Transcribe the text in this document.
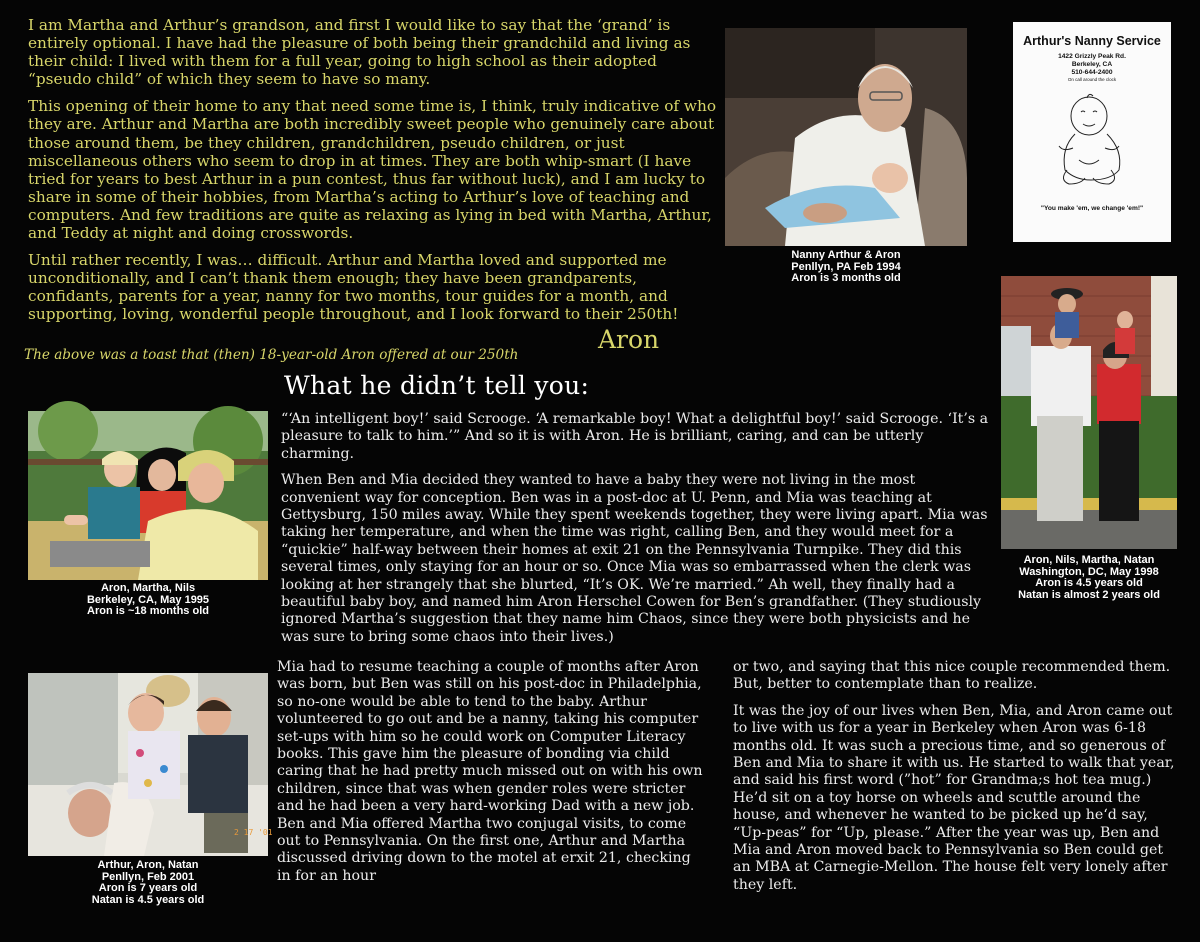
I am Martha and Arthur’s grandson, and first I would like to say that the ‘grand’ is entirely optional. I have had the pleasure of both being their grandchild and living as their child: I lived with them for a full year, going to high school as their adopted “pseudo child” of which they seem to have so many.

This opening of their home to any that need some time is, I think, truly indicative of who they are. Arthur and Martha are both incredibly sweet people who genuinely care about those around them, be they children, grandchildren, pseudo children, or just miscellaneous others who seem to drop in at times. They are both whip-smart (I have tried for years to best Arthur in a pun contest, thus far without luck), and I am lucky to share in some of their hobbies, from Martha’s acting to Arthur’s love of teaching and computers. And few traditions are quite as relaxing as lying in bed with Martha, Arthur, and Teddy at night and doing crosswords.

Until rather recently, I was… difficult. Arthur and Martha loved and supported me unconditionally, and I can’t thank them enough; they have been grandparents, confidants, parents for a year, nanny for two months, tour guides for a month, and supporting, loving, wonderful people throughout, and I look forward to their 250th!

Aron
The above was a toast that (then) 18-year-old Aron offered at our 250th
What he didn’t tell you:

“‘An intelligent boy!’ said Scrooge. ‘A remarkable boy! What a delightful boy!’ said Scrooge. ‘It’s a pleasure to talk to him.’” And so it is with Aron. He is brilliant, caring, and can be utterly charming.

When Ben and Mia decided they wanted to have a baby they were not living in the most convenient way for conception. Ben was in a post-doc at U. Penn, and Mia was teaching at Gettysburg, 150 miles away. While they spent weekends together, they were living apart. Mia was taking her temperature, and when the time was right, calling Ben, and they would meet for a “quickie” half-way between their homes at exit 21 on the Pennsylvania Turnpike. They did this several times, only staying for an hour or so. Once Mia was so embarrassed when the clerk was looking at her strangely that she blurted, “It’s OK. We’re married.” Ah well, they finally had a beautiful baby boy, and named him Aron Herschel Cowen for Ben’s grandfather. (They studiously ignored Martha’s suggestion that they name him Chaos, since they were both physicists and he was sure to bring some chaos into their lives.)

Mia had to resume teaching a couple of months after Aron was born, but Ben was still on his post-doc in Philadelphia, so no-one would be able to tend to the baby. Arthur volunteered to go out and be a nanny, taking his computer set-ups with him so he could work on Computer Literacy books. This gave him the pleasure of bonding via child caring that he had pretty much missed out on with his own children, since that was when gender roles were stricter and he had been a very hard-working Dad with a new job. Ben and Mia offered Martha two conjugal visits, to come out to Pennsylvania. On the first one, Arthur and Martha discussed driving down to the motel at erxit 21, checking in for an hour

or two, and saying that this nice couple recommended them. But, better to contemplate than to realize.

It was the joy of our lives when Ben, Mia, and Aron came out to live with us for a year in Berkeley when Aron was 6-18 months old. It was such a precious time, and so generous of Ben and Mia to share it with us. He started to walk that year, and said his first word (”hot” for Grandma;s hot tea mug.) He’d sit on a toy horse on wheels and scuttle around the house, and whenever he wanted to be picked up he‘d say, “Up-peas” for “Up, please.” After the year was up, Ben and Mia and Aron moved back to Pennsylvania so Ben could get an MBA at Carnegie-Mellon. The house felt very lonely after they left.

Nanny Arthur & Aron
Penllyn, PA Feb 1994
Aron is 3 months old
Arthur's Nanny Service
1422 Grizzly Peak Rd.
Berkeley, CA
510-644-2400
On call around the clock
"You make 'em, we change 'em!"
Aron, Nils, Martha, Natan
Washington, DC, May 1998
Aron is 4.5 years old
Natan is almost 2 years old
Aron, Martha, Nils
Berkeley, CA, May 1995
Aron is ~18 months old
2 17 '01
Arthur, Aron, Natan
Penllyn, Feb 2001
Aron is 7 years old
Natan is 4.5 years old
